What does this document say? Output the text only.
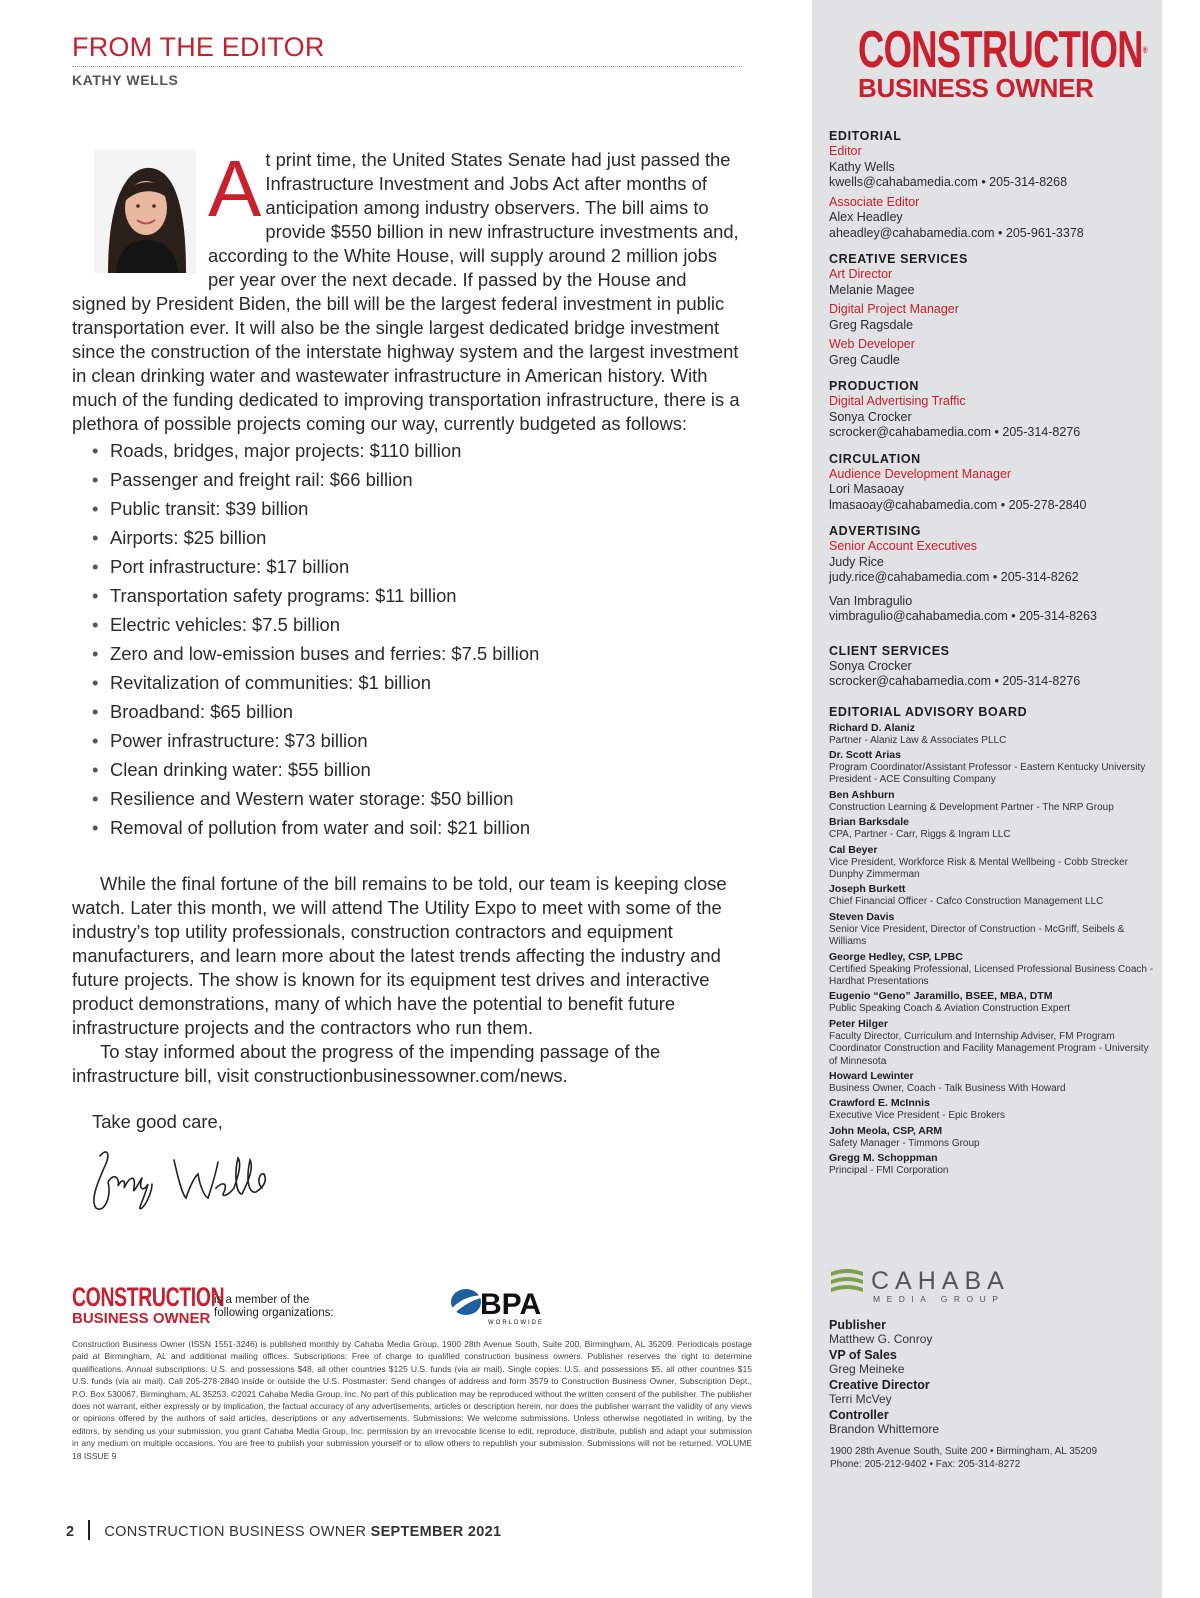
FROM THE EDITOR
KATHY WELLS
A t print time, the United States Senate had just passed the Infrastructure Investment and Jobs Act after months of anticipation among industry observers. The bill aims to provide $550 billion in new infrastructure investments and, according to the White House, will supply around 2 million jobs per year over the next decade. If passed by the House and signed by President Biden, the bill will be the largest federal investment in public transportation ever. It will also be the single largest dedicated bridge investment since the construction of the interstate highway system and the largest investment in clean drinking water and wastewater infrastructure in American history. With much of the funding dedicated to improving transportation infrastructure, there is a plethora of possible projects coming our way, currently budgeted as follows:
• Roads, bridges, major projects: $110 billion
• Passenger and freight rail: $66 billion
• Public transit: $39 billion
• Airports: $25 billion
• Port infrastructure: $17 billion
• Transportation safety programs: $11 billion
• Electric vehicles: $7.5 billion
• Zero and low-emission buses and ferries: $7.5 billion
• Revitalization of communities: $1 billion
• Broadband: $65 billion
• Power infrastructure: $73 billion
• Clean drinking water: $55 billion
• Resilience and Western water storage: $50 billion
• Removal of pollution from water and soil: $21 billion
While the final fortune of the bill remains to be told, our team is keeping close watch. Later this month, we will attend The Utility Expo to meet with some of the industry’s top utility professionals, construction contractors and equipment manufacturers, and learn more about the latest trends affecting the industry and future projects. The show is known for its equipment test drives and interactive product demonstrations, many of which have the potential to benefit future infrastructure projects and the contractors who run them.
To stay informed about the progress of the impending passage of the infrastructure bill, visit constructionbusinessowner.com/news.
Take good care,
CONSTRUCTION
BUSINESS OWNER
is a member of the
following organizations:	BPA
WORLDWIDE
Construction Business Owner (ISSN 1551-3246) is published monthly by Cahaba Media Group, 1900 28th Avenue South, Suite 200, Birmingham, AL 35209. Periodicals postage paid at Birmingham, AL and additional mailing offices. Subscriptions: Free of charge to qualified construction business owners. Publisher reserves the right to determine qualifications. Annual subscriptions: U.S. and possessions $48, all other countries $125 U.S. funds (via air mail). Single copies: U.S. and possessions $5, all other countries $15 U.S. funds (via air mail). Call 205-278-2840 inside or outside the U.S. Postmaster: Send changes of address and form 3579 to Construction Business Owner, Subscription Dept., P.O. Box 530067, Birmingham, AL 35253. ©2021 Cahaba Media Group, Inc. No part of this publication may be reproduced without the written consent of the publisher. The publisher does not warrant, either expressly or by implication, the factual accuracy of any advertisements, articles or description herein, nor does the publisher warrant the validity of any views or opinions offered by the authors of said articles, descriptions or any advertisements. Submissions: We welcome submissions. Unless otherwise negotiated in writing, by the editors, by sending us your submission, you grant Cahaba Media Group, Inc. permission by an irrevocable license to edit, reproduce, distribute, publish and adapt your submission in any medium on multiple occasions. You are free to publish your submission yourself or to allow others to republish your submission. Submissions will not be returned. VOLUME 18 ISSUE 9
2 CONSTRUCTION BUSINESS OWNER SEPTEMBER 2021
CONSTRUCTION®
BUSINESS OWNER
EDITORIAL
Editor
Kathy Wells
kwells@cahabamedia.com • 205-314-8268
Associate Editor
Alex Headley
aheadley@cahabamedia.com • 205-961-3378
CREATIVE SERVICES
Art Director
Melanie Magee
Digital Project Manager
Greg Ragsdale
Web Developer
Greg Caudle
PRODUCTION
Digital Advertising Traffic
Sonya Crocker
scrocker@cahabamedia.com • 205-314-8276
CIRCULATION
Audience Development Manager
Lori Masaoay
lmasaoay@cahabamedia.com • 205-278-2840
ADVERTISING
Senior Account Executives
Judy Rice
judy.rice@cahabamedia.com • 205-314-8262
Van Imbragulio
vimbragulio@cahabamedia.com • 205-314-8263
CLIENT SERVICES
Sonya Crocker
scrocker@cahabamedia.com • 205-314-8276
EDITORIAL ADVISORY BOARD
Richard D. Alaniz
Partner - Alaniz Law & Associates PLLC
Dr. Scott Arias
Program Coordinator/Assistant Professor - Eastern Kentucky University
President - ACE Consulting Company
Ben Ashburn
Construction Learning & Development Partner - The NRP Group
Brian Barksdale
CPA, Partner - Carr, Riggs & Ingram LLC
Cal Beyer
Vice President, Workforce Risk & Mental Wellbeing - Cobb Strecker Dunphy Zimmerman
Joseph Burkett
Chief Financial Officer - Cafco Construction Management LLC
Steven Davis
Senior Vice President, Director of Construction - McGriff, Seibels & Williams
George Hedley, CSP, LPBC
Certified Speaking Professional, Licensed Professional Business Coach - Hardhat Presentations
Eugenio “Geno” Jaramillo, BSEE, MBA, DTM
Public Speaking Coach & Aviation Construction Expert
Peter Hilger
Faculty Director, Curriculum and Internship Adviser, FM Program Coordinator Construction and Facility Management Program - University of Minnesota
Howard Lewinter
Business Owner, Coach - Talk Business With Howard
Crawford E. McInnis
Executive Vice President - Epic Brokers
John Meola, CSP, ARM
Safety Manager - Timmons Group
Gregg M. Schoppman
Principal - FMI Corporation
CAHABA
MEDIA GROUP
Publisher
Matthew G. Conroy
VP of Sales
Greg Meineke
Creative Director
Terri McVey
Controller
Brandon Whittemore
1900 28th Avenue South, Suite 200 • Birmingham, AL 35209
Phone: 205-212-9402 • Fax: 205-314-8272
